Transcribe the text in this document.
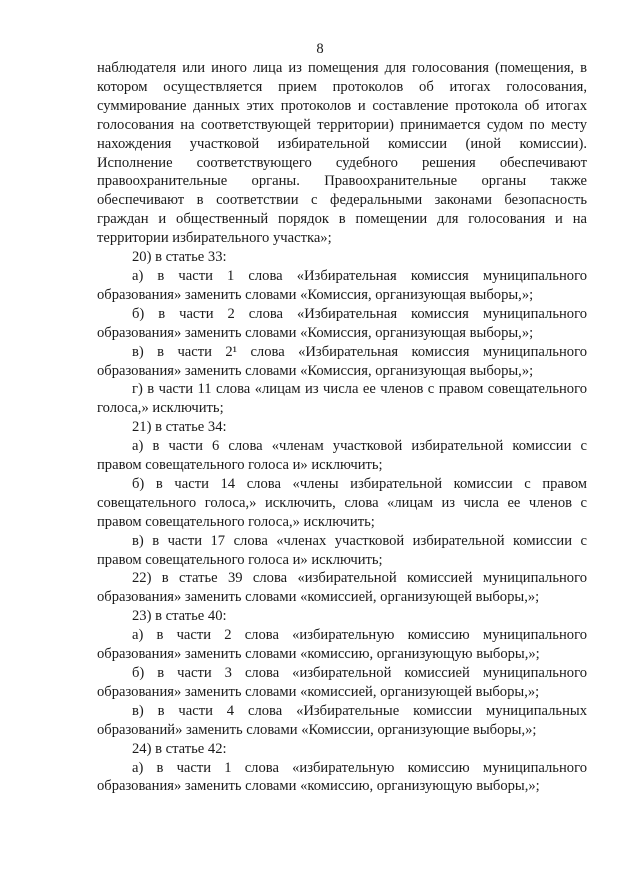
8
наблюдателя или иного лица из помещения для голосования (помещения, в
котором осуществляется прием протоколов об итогах голосования,
суммирование данных этих протоколов и составление протокола об итогах
голосования на соответствующей территории) принимается судом по месту
нахождения участковой избирательной комиссии (иной комиссии).
Исполнение соответствующего судебного решения обеспечивают
правоохранительные органы. Правоохранительные органы также
обеспечивают в соответствии с федеральными законами безопасность
граждан и общественный порядок в помещении для голосования и на
территории избирательного участка»;
20) в статье 33:
а) в части 1 слова «Избирательная комиссия муниципального
образования» заменить словами «Комиссия, организующая выборы,»;
б) в части 2 слова «Избирательная комиссия муниципального
образования» заменить словами «Комиссия, организующая выборы,»;
в) в части 2¹ слова «Избирательная комиссия муниципального
образования» заменить словами «Комиссия, организующая выборы,»;
г) в части 11 слова «лицам из числа ее членов с правом совещательного
голоса,» исключить;
21) в статье 34:
а) в части 6 слова «членам участковой избирательной комиссии с
правом совещательного голоса и» исключить;
б) в части 14 слова «члены избирательной комиссии с правом
совещательного голоса,» исключить, слова «лицам из числа ее членов с
правом совещательного голоса,» исключить;
в) в части 17 слова «членах участковой избирательной комиссии с
правом совещательного голоса и» исключить;
22) в статье 39 слова «избирательной комиссией муниципального
образования» заменить словами «комиссией, организующей выборы,»;
23) в статье 40:
а) в части 2 слова «избирательную комиссию муниципального
образования» заменить словами «комиссию, организующую выборы,»;
б) в части 3 слова «избирательной комиссией муниципального
образования» заменить словами «комиссией, организующей выборы,»;
в) в части 4 слова «Избирательные комиссии муниципальных
образований» заменить словами «Комиссии, организующие выборы,»;
24) в статье 42:
а) в части 1 слова «избирательную комиссию муниципального
образования» заменить словами «комиссию, организующую выборы,»;
